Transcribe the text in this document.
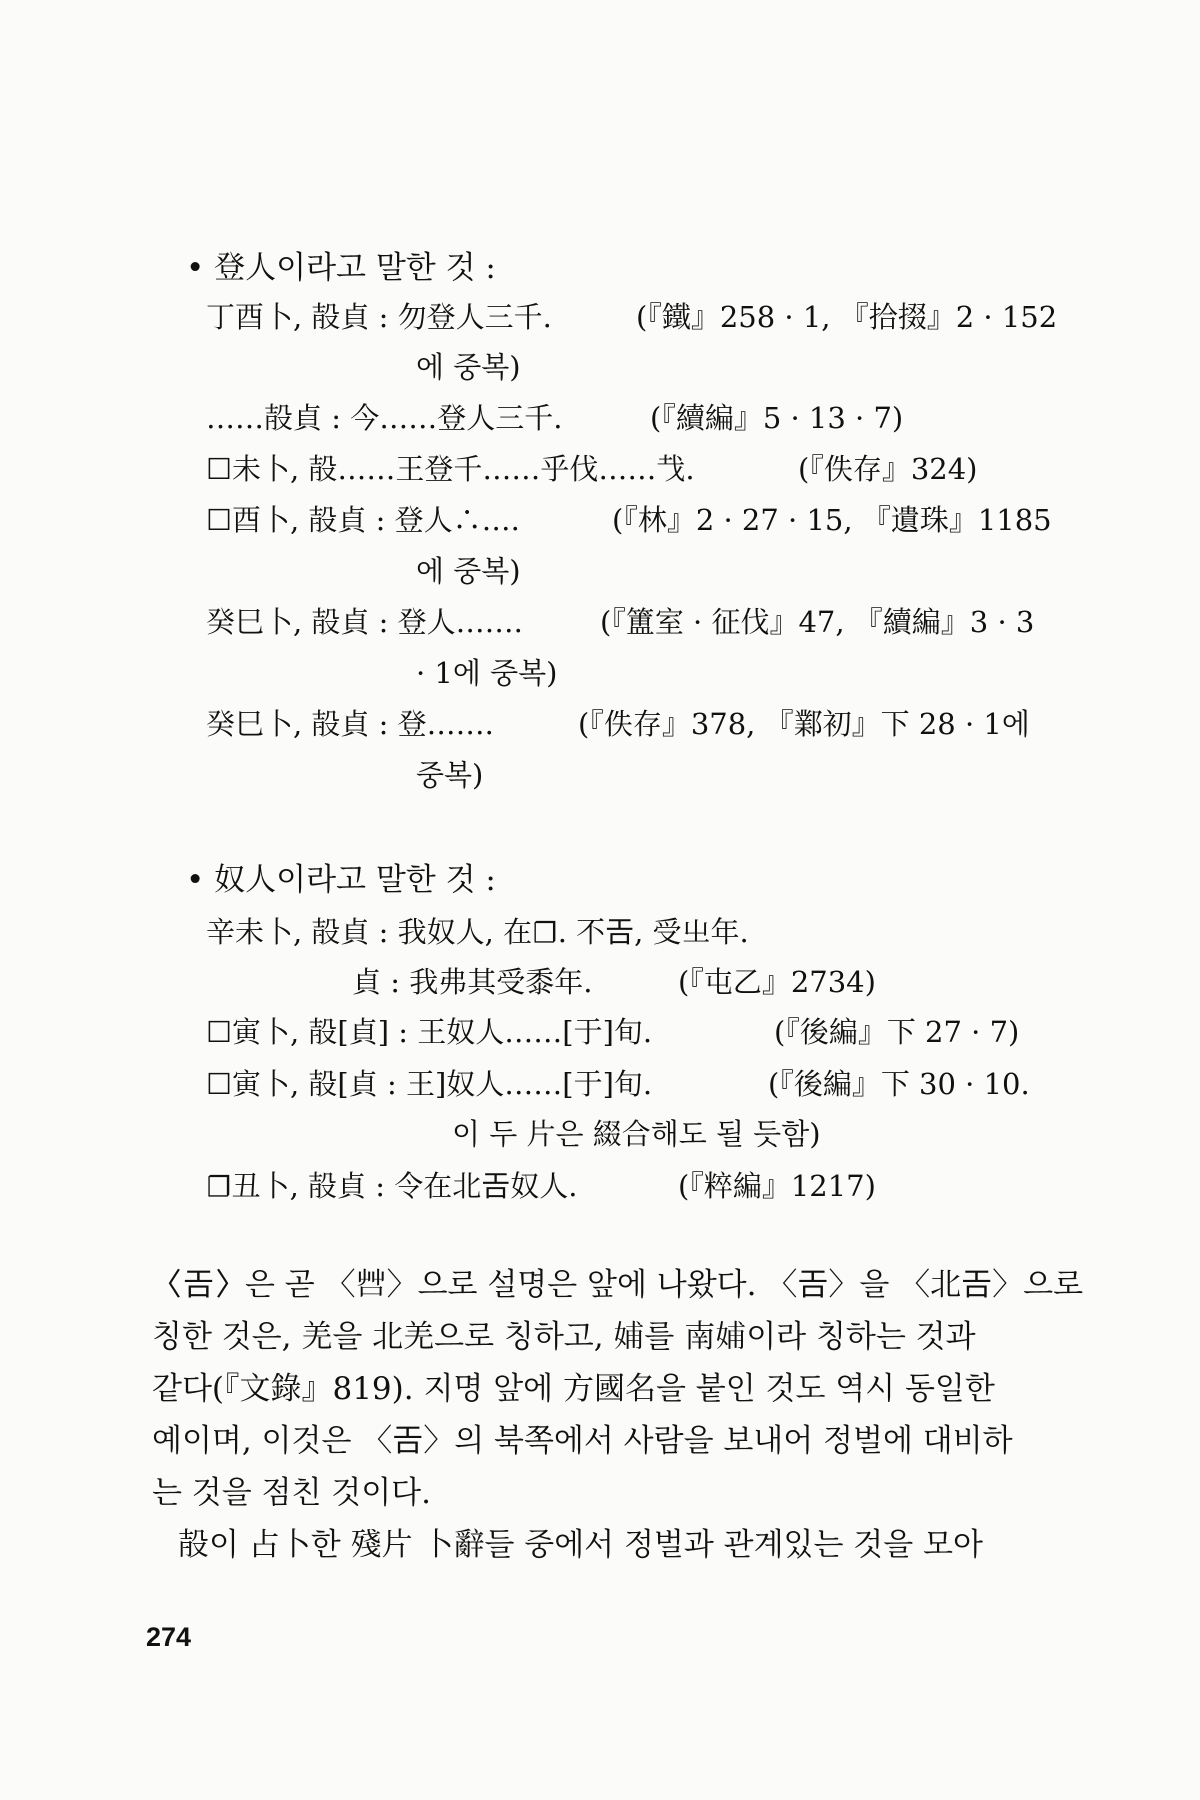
• 登人이라고 말한 것 :
丁酉卜, 㱿貞 : 勿登人三千.	(『鐵』258 · 1, 『拾掇』2 · 152
에 중복)
……㱿貞 : 今……登人三千.	(『續編』5 · 13 · 7)
☐未卜, 㱿……王登千……乎伐……𢦏.	(『佚存』324)
☐酉卜, 㱿貞 : 登人∴….	(『林』2 · 27 · 15, 『遺珠』1185
에 중복)
癸巳卜, 㱿貞 : 登人…….	(『簠室 · 征伐』47, 『續編』3 · 3
· 1에 중복)
癸巳卜, 㱿貞 : 登…….	(『佚存』378, 『鄴初』下 28 · 1에
중복)
• 奴人이라고 말한 것 :
辛未卜, 㱿貞 : 我奴人, 在☐. 不𢀛, 受㞢年.
貞 : 我弗其受黍年.	(『屯乙』2734)
☐寅卜, 㱿[貞] : 王奴人……[于]旬.	(『後編』下 27 · 7)
☐寅卜, 㱿[貞 : 王]奴人……[于]旬.	(『後編』下 30 · 10.
이 두 片은 綴合해도 될 듯함)
☐丑卜, 㱿貞 : 令在北𢀛奴人.	(『粹編』1217)
〈𢀛〉은 곧 〈𠱭〉으로 설명은 앞에 나왔다. 〈𢀛〉을 〈北𢀛〉으로
칭한 것은, 羌을 北羌으로 칭하고, 𡜵를 南𡜵이라 칭하는 것과
같다(『文錄』819). 지명 앞에 方國名을 붙인 것도 역시 동일한
예이며, 이것은 〈𢀛〉의 북쪽에서 사람을 보내어 정벌에 대비하
는 것을 점친 것이다.
㱿이 占卜한 殘片 卜辭들 중에서 정벌과 관계있는 것을 모아
274
